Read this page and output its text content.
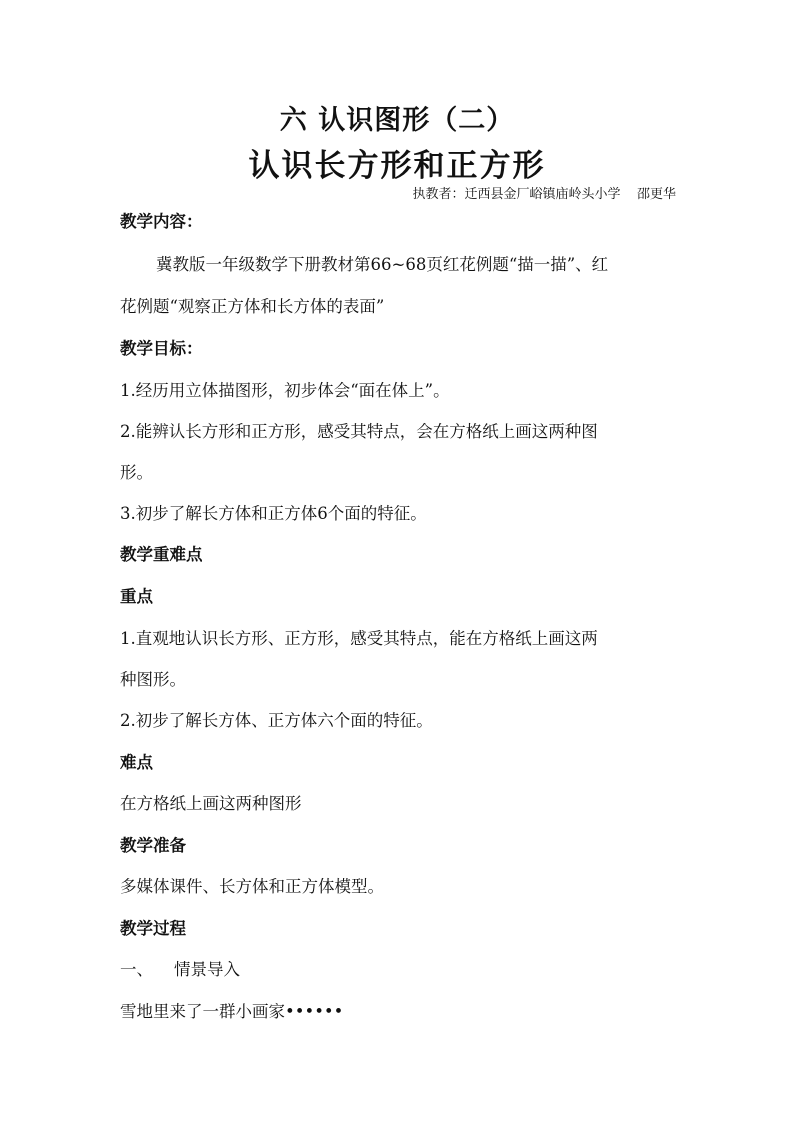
六 认识图形（二）
认识长方形和正方形
执教者：迁西县金厂峪镇庙岭头小学    邵更华
教学内容：
冀教版一年级数学下册教材第66~68页红花例题“描一描”、红
花例题“观察正方体和长方体的表面”
教学目标：
1.经历用立体描图形，初步体会“面在体上”。
2.能辨认长方形和正方形，感受其特点，会在方格纸上画这两种图
形。
3.初步了解长方体和正方体6个面的特征。
教学重难点
重点
1.直观地认识长方形、正方形，感受其特点，能在方格纸上画这两
种图形。
2.初步了解长方体、正方体六个面的特征。
难点
在方格纸上画这两种图形
教学准备
多媒体课件、长方体和正方体模型。
教学过程
一、    情景导入
雪地里来了一群小画家••••••
